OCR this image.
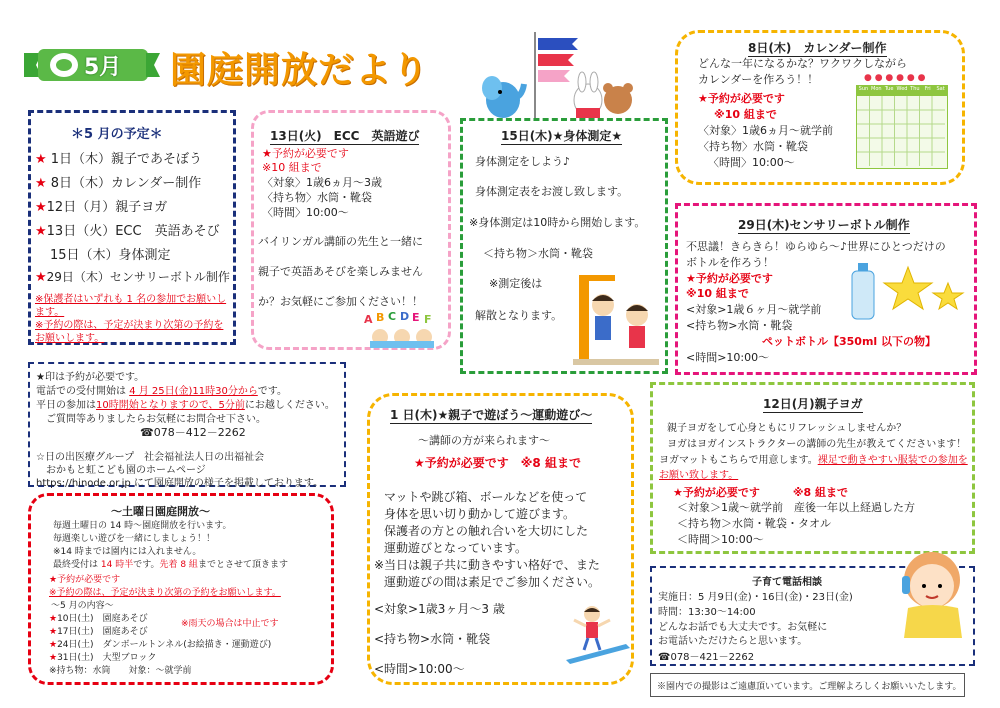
5月 園庭開放だより
＊5 月の予定＊
★ 1日（木）親子であそぼう
★ 8日（木）カレンダー制作
★12日（月）親子ヨガ
★13日（火）ECC　英語あそび
15日（木）身体測定
★29日（木）センサリーボトル制作
※保護者はいずれも 1 名の参加でお願いします。
※予約の際は、予定が決まり次第の予約をお願いします。
13日(火)　ECC　英語遊び
★予約が必要です
※10 組まで
〈対象〉1歳6ヵ月～3歳
〈持ち物〉水筒・靴袋
〈時間〉10:00～
バイリンガル講師の先生と一緒に
親子で英語あそびを楽しみません
か？お気軽にご参加ください！！
A B C D E F
15日(木)★身体測定★
身体測定をしよう♪
身体測定表をお渡し致します。
※身体測定は10時から開始します。
＜持ち物＞水筒・靴袋
※測定後は
解散となります。
8日(木)　カレンダー制作
どんな一年になるかな？ワクワクしながら
カレンダーを作ろう！！
★予約が必要です
※10 組まで
〈対象〉1歳6ヵ月～就学前
〈持ち物〉水筒・靴袋
〈時間〉10:00～
Sun Mon Tue Wed Thu	Fri	Sat
● ● ● ● ● ●
29日(木)センサリーボトル制作
不思議！きらきら！ゆらゆら～♪世界にひとつだけの
ボトルを作ろう！
★予約が必要です
※10 組まで
<対象>1歳６ヶ月～就学前
<持ち物>水筒・靴袋
ペットボトル【350ml 以下の物】
<時間>10:00～
★印は予約が必要です。
電話での受付開始は 4 月 25日(金)11時30分からです。
平日の参加は10時開始となりますので、5分前にお越しください。
ご質問等ありましたらお気軽にお問合せ下さい。
☎078－412－2262
☆日の出医療グループ　社会福祉法人日の出福祉会
おかもと虹こども園のホームページ
https://hinode.or.jp にて園庭開放の様子を掲載しております。
1 日(木)★親子で遊ぼう～運動遊び～
～講師の方が来られます～
★予約が必要です　※8 組まで
マットや跳び箱、ボールなどを使って
身体を思い切り動かして遊びます。
保護者の方との触れ合いを大切にした
運動遊びとなっています。
※当日は親子共に動きやすい格好で、また
運動遊びの間は素足でご参加ください。
<対象>1歳3ヶ月～3 歳
<持ち物>水筒・靴袋
<時間>10:00～
12日(月)親子ヨガ
親子ヨガをして心身ともにリフレッシュしませんか？
ヨガはヨガインストラクターの講師の先生が教えてくださいます！
ヨガマットもこちらで用意します。裸足で動きやすい服装での参加を
お願い致します。
★予約が必要です　　　※8 組まで
＜対象＞1歳～就学前　産後一年以上経過した方
＜持ち物＞水筒・靴袋・タオル
＜時間＞10:00～
～土曜日園庭開放～
毎週土曜日の 14 時～園庭開放を行います。
毎週楽しい遊びを一緒にしましょう！！
※14 時までは園内には入れません。
最終受付は 14 時半です。先着 8 組までとさせて頂きます
★予約が必要です
※予約の際は、予定が決まり次第の予約をお願いします。
～5 月の内容～
★10日(土)　 園庭あそび
★17日(土)　 園庭あそび
★24日(土)　 ダンボールトンネル(お絵描き・運動遊び)
★31日(土)　 大型ブロック
※雨天の場合は中止です
※持ち物：水筒　　対象：～就学前
子育て電話相談
実施日：5 月9日(金)・16日(金)・23日(金)
時間：13:30～14:00
どんなお話でも大丈夫です。お気軽に
お電話いただけたらと思います。
☎078－421－2262
※園内での撮影はご遠慮頂いています。ご理解よろしくお願いいたします。
